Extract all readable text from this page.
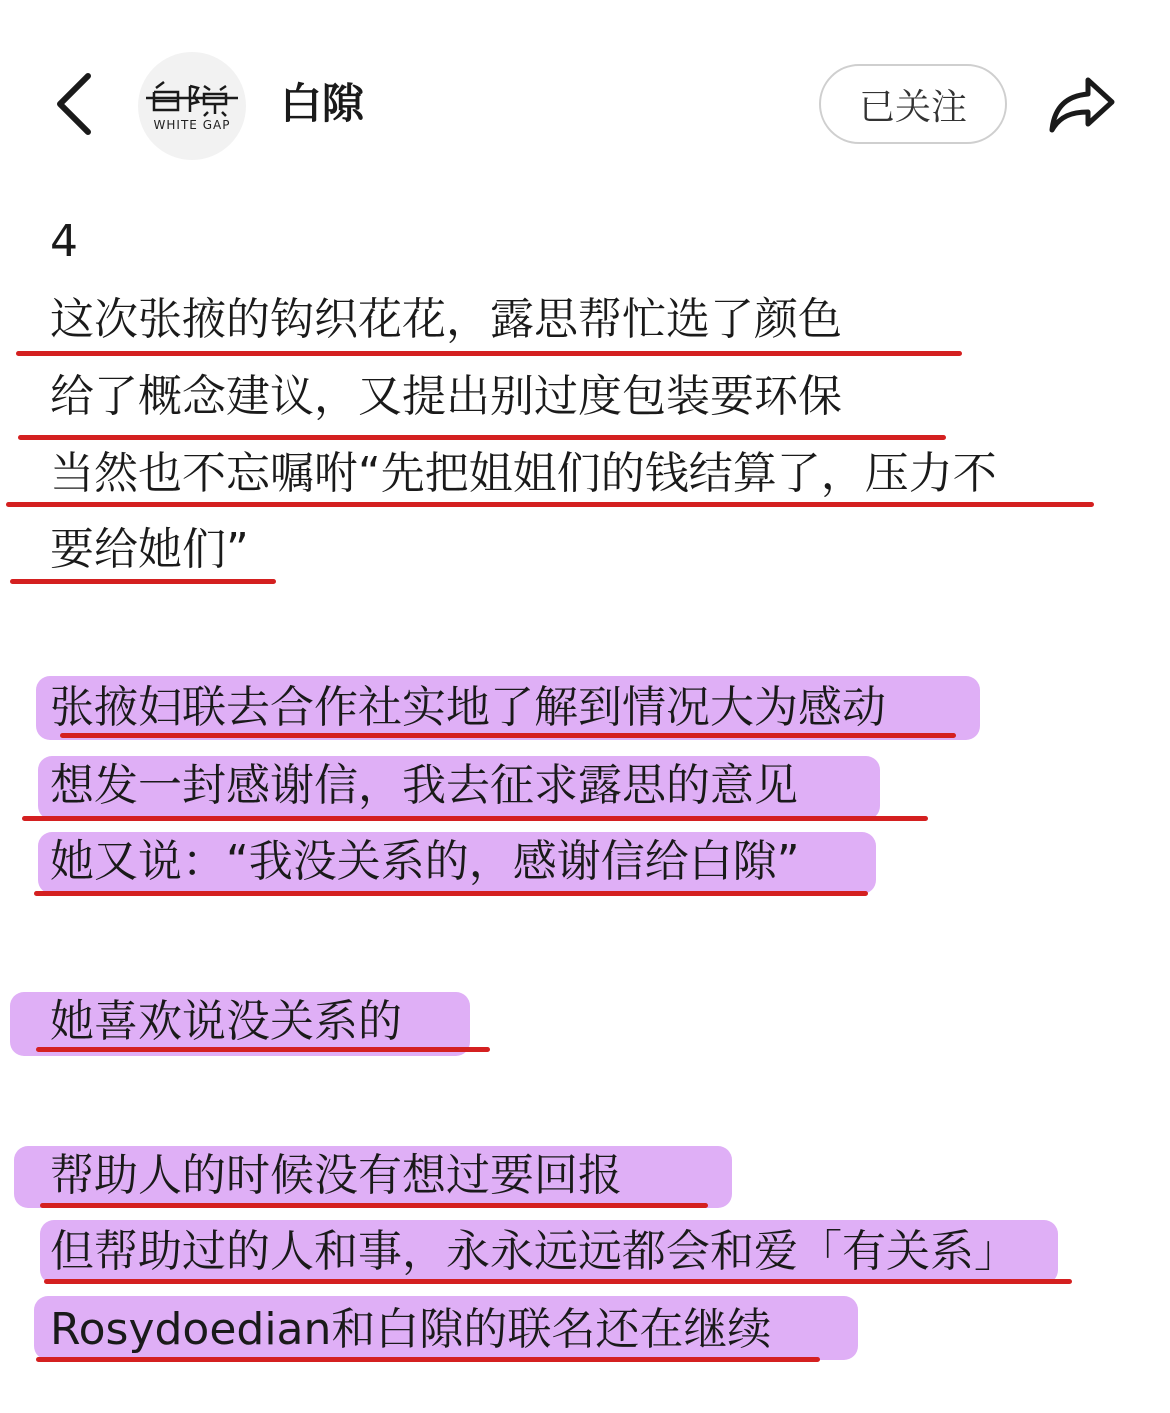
WHITE GAP	白隙	已关注
4
这次张掖的钩织花花，露思帮忙选了颜色
给了概念建议，又提出别过度包装要环保
当然也不忘嘱咐“先把姐姐们的钱结算了，压力不
要给她们”
张掖妇联去合作社实地了解到情况大为感动
想发一封感谢信，我去征求露思的意见
她又说：“我没关系的，感谢信给白隙”
她喜欢说没关系的
帮助人的时候没有想过要回报
但帮助过的人和事，永永远远都会和爱「有关系」
Rosydoedian和白隙的联名还在继续
